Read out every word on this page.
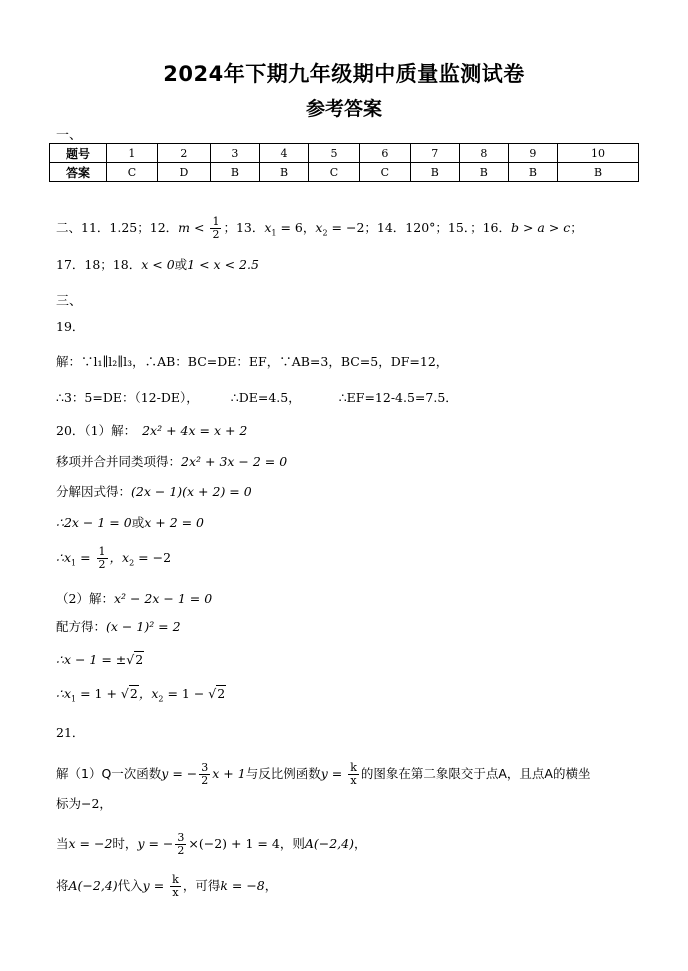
2024年下期九年级期中质量监测试卷
参考答案
一、
题号	1	2	3	4	5	6	7	8	9	10
答案	C	D	B	B	C	C	B	B	B	B
二、11．1.25；12．$m < \frac{1}{2}$ ；13．$x_1 = 6$，$x_2 = -2$；14．120°；15．；16．b > a > c；
17．18；18．x < 0或1 < x < 2.5
三、
19．
解：∵l₁∥l₂∥l₃，∴AB：BC=DE：EF，∵AB=3，BC=5，DF=12，
∴3：5=DE：（12-DE），	∴DE=4.5，	∴EF=12-4.5=7.5．
20．（1）解： 2x² + 4x = x + 2
移项并合并同类项得：2x² + 3x − 2 = 0
分解因式得：(2x − 1)(x + 2) = 0
∴2x − 1 = 0或x + 2 = 0
$\therefore x_1 = \frac{1}{2}$ ，$x_2 = -2$
（2）解：x² − 2x − 1 = 0
配方得：(x − 1)² = 2
∴x − 1 = ±√2
$\therefore x_1 = 1 + √2$，$x_2 = 1 - √2$
21．
解（1）Q一次函数y = − $\frac{3}{2}$ x + 1与反比例函数$y = \frac{k}{x}$ 的图象在第二象限交于点A，且点A的横坐
标为−2，
当x = −2时，y = − $\frac{3}{2} \times(-2) + 1 = 4$，则A(−2,4)，
将A(−2,4)代入$y = \frac{k}{x}$ ，可得k = −8，
